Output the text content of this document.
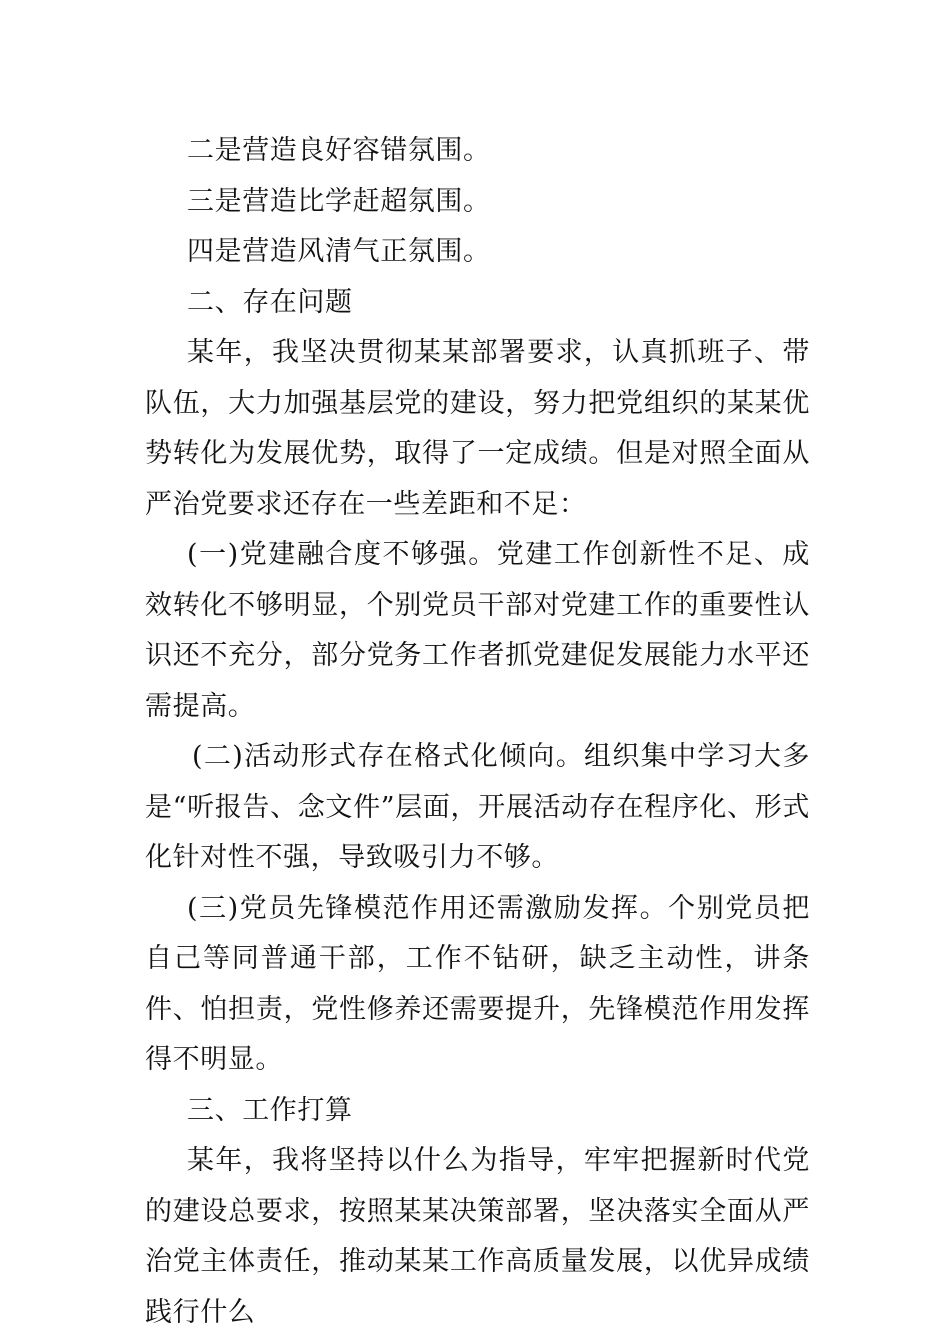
二是营造良好容错氛围。

三是营造比学赶超氛围。

四是营造风清气正氛围。

二、存在问题

某年，我坚决贯彻某某部署要求，认真抓班子、带队伍，大力加强基层党的建设，努力把党组织的某某优势转化为发展优势，取得了一定成绩。但是对照全面从严治党要求还存在一些差距和不足：

(一)党建融合度不够强。党建工作创新性不足、成效转化不够明显，个别党员干部对党建工作的重要性认识还不充分，部分党务工作者抓党建促发展能力水平还需提高。

(二)活动形式存在格式化倾向。组织集中学习大多是“听报告、念文件”层面，开展活动存在程序化、形式化针对性不强，导致吸引力不够。

(三)党员先锋模范作用还需激励发挥。个别党员把自己等同普通干部，工作不钻研，缺乏主动性，讲条件、怕担责，党性修养还需要提升，先锋模范作用发挥得不明显。

三、工作打算

某年，我将坚持以什么为指导，牢牢把握新时代党的建设总要求，按照某某决策部署，坚决落实全面从严治党主体责任，推动某某工作高质量发展，以优异成绩践行什么
